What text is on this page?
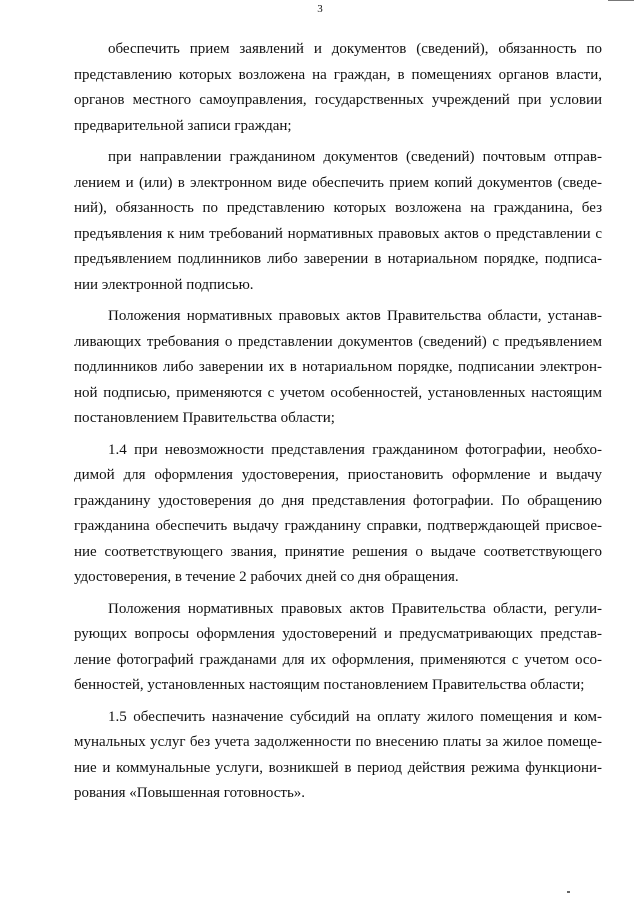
3
обеспечить прием заявлений и документов (сведений), обязанность по
представлению которых возложена на граждан, в помещениях органов власти,
органов местного самоуправления, государственных учреждений при условии
предварительной записи граждан;
при направлении гражданином документов (сведений) почтовым отправ-
лением и (или) в электронном виде обеспечить прием копий документов (сведе-
ний), обязанность по представлению которых возложена на гражданина, без
предъявления к ним требований нормативных правовых актов о представлении с
предъявлением подлинников либо заверении в нотариальном порядке, подписа-
нии электронной подписью.
Положения нормативных правовых актов Правительства области, устанав-
ливающих требования о представлении документов (сведений) с предъявлением
подлинников либо заверении их в нотариальном порядке, подписании электрон-
ной подписью, применяются с учетом особенностей, установленных настоящим
постановлением Правительства области;
1.4 при невозможности представления гражданином фотографии, необхо-
димой для оформления удостоверения, приостановить оформление и выдачу
гражданину удостоверения до дня представления фотографии. По обращению
гражданина обеспечить выдачу гражданину справки, подтверждающей присвое-
ние соответствующего звания, принятие решения о выдаче соответствующего
удостоверения, в течение 2 рабочих дней со дня обращения.
Положения нормативных правовых актов Правительства области, регули-
рующих вопросы оформления удостоверений и предусматривающих представ-
ление фотографий гражданами для их оформления, применяются с учетом осо-
бенностей, установленных настоящим постановлением Правительства области;
1.5 обеспечить назначение субсидий на оплату жилого помещения и ком-
мунальных услуг без учета задолженности по внесению платы за жилое помеще-
ние и коммунальные услуги, возникшей в период действия режима функциони-
рования «Повышенная готовность».
